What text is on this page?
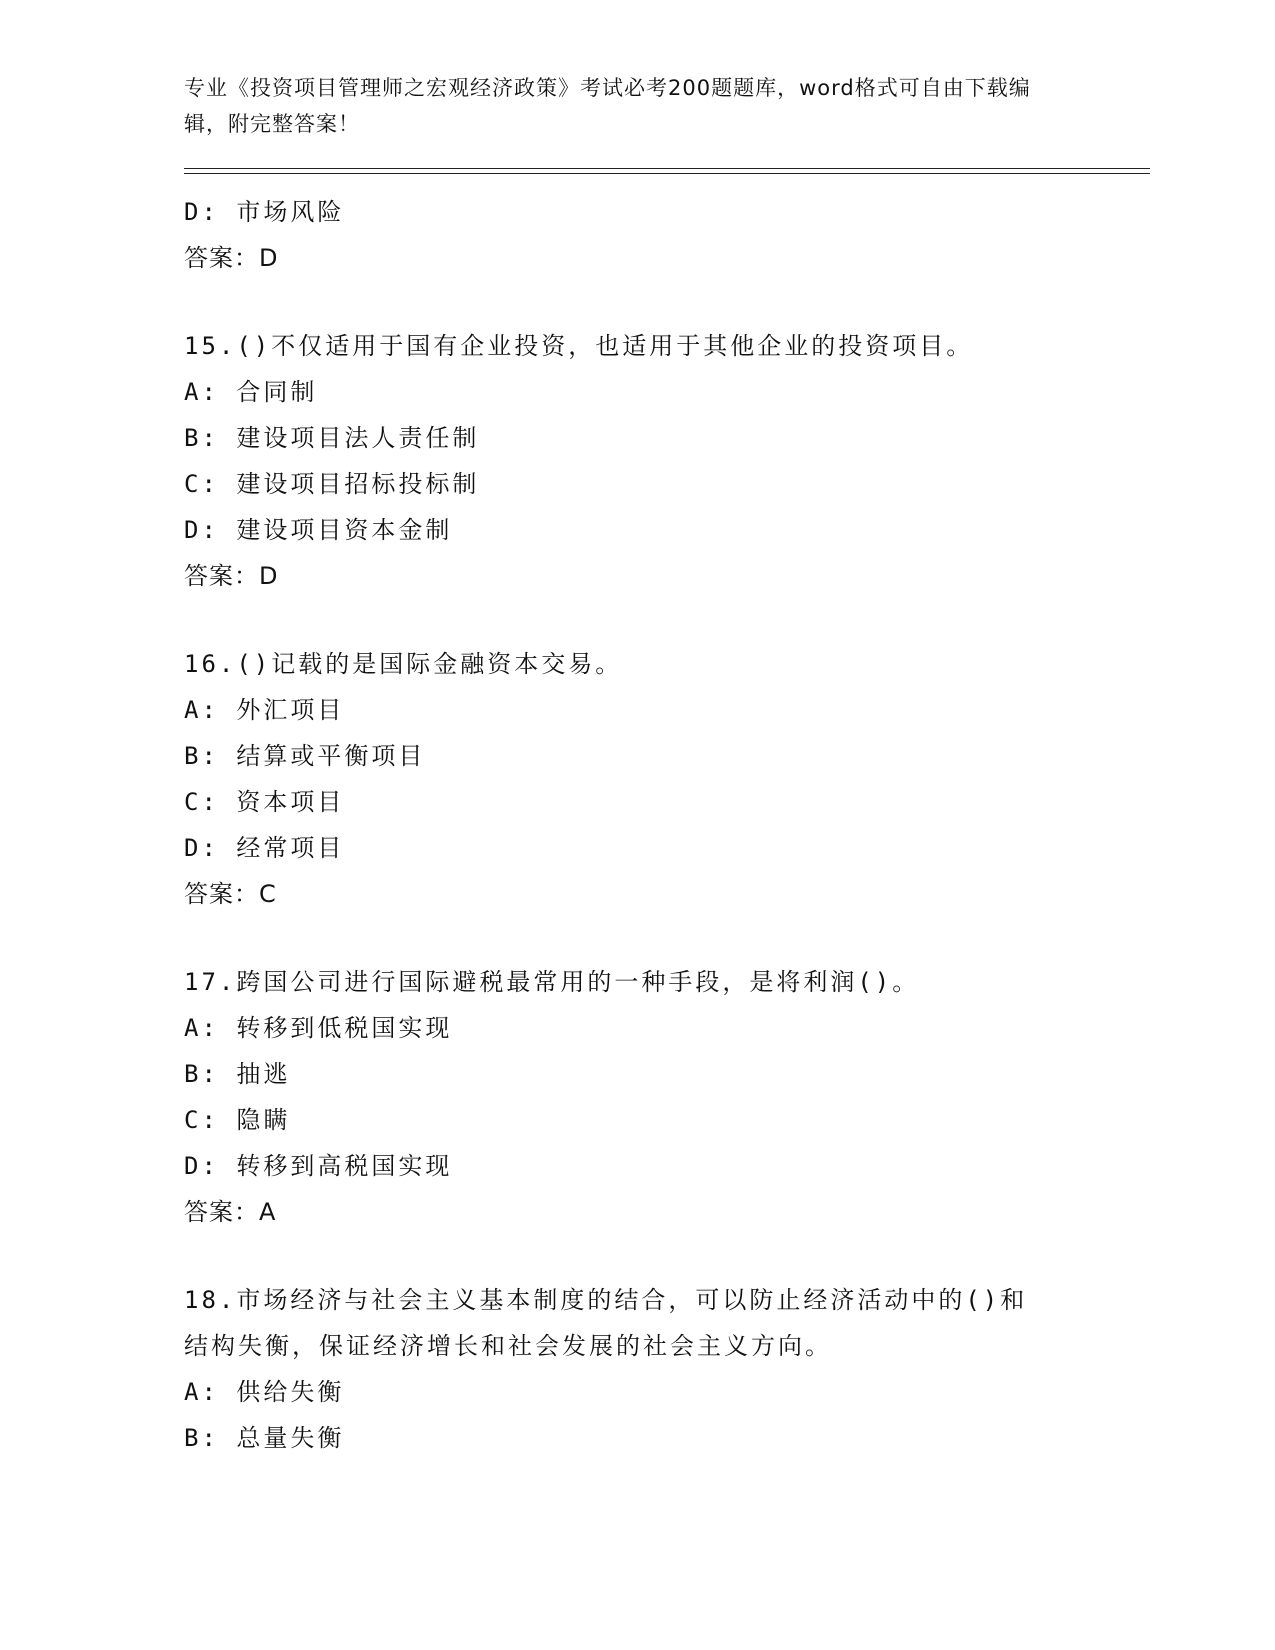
专业《投资项目管理师之宏观经济政策》考试必考200题题库，word格式可自由下载编辑，附完整答案！
D: 市场风险
答案：D
15.()不仅适用于国有企业投资，也适用于其他企业的投资项目。
A: 合同制
B: 建设项目法人责任制
C: 建设项目招标投标制
D: 建设项目资本金制
答案：D
16.()记载的是国际金融资本交易。
A: 外汇项目
B: 结算或平衡项目
C: 资本项目
D: 经常项目
答案：C
17.跨国公司进行国际避税最常用的一种手段，是将利润()。
A: 转移到低税国实现
B: 抽逃
C: 隐瞒
D: 转移到高税国实现
答案：A
18.市场经济与社会主义基本制度的结合，可以防止经济活动中的()和
结构失衡，保证经济增长和社会发展的社会主义方向。
A: 供给失衡
B: 总量失衡
